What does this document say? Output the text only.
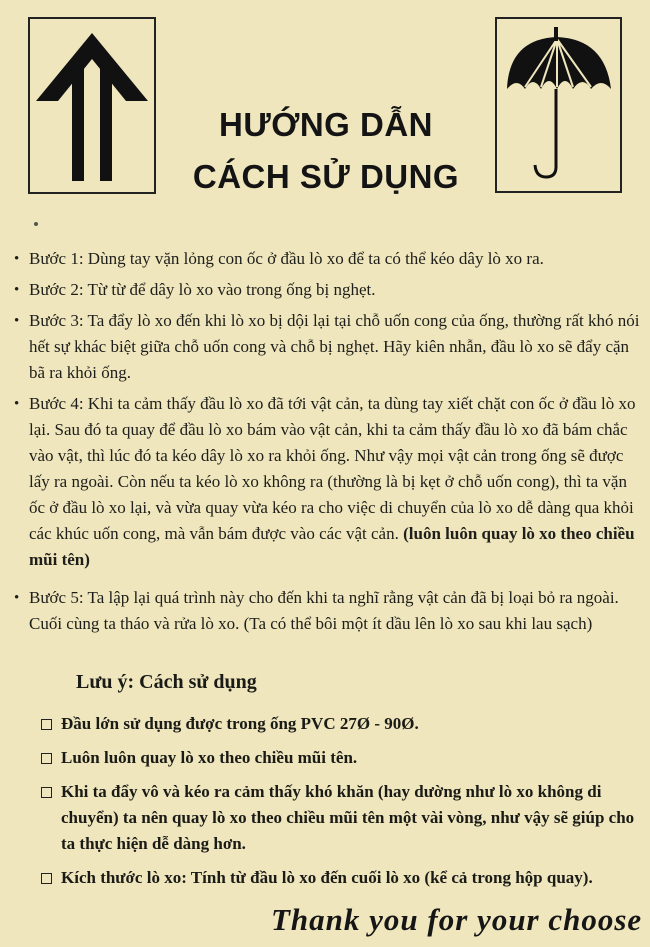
HƯỚNG DẪN
CÁCH SỬ DỤNG
• Bước 1: Dùng tay vặn lỏng con ốc ở đầu lò xo để ta có thể kéo dây lò xo ra.
• Bước 2: Từ từ để dây lò xo vào trong ống bị nghẹt.
• Bước 3: Ta đẩy lò xo đến khi lò xo bị dội lại tại chỗ uốn cong của ống, thường rất khó nói hết sự khác biệt giữa chỗ uốn cong và chỗ bị nghẹt. Hãy kiên nhẫn, đầu lò xo sẽ đẩy cặn bã ra khỏi ống.
• Bước 4: Khi ta cảm thấy đầu lò xo đã tới vật cản, ta dùng tay xiết chặt con ốc ở đầu lò xo lại. Sau đó ta quay để đầu lò xo bám vào vật cản, khi ta cảm thấy đầu lò xo đã bám chắc vào vật, thì lúc đó ta kéo dây lò xo ra khỏi ống. Như vậy mọi vật cản trong ống sẽ được lấy ra ngoài. Còn nếu ta kéo lò xo không ra (thường là bị kẹt ở chỗ uốn cong), thì ta vặn ốc ở đầu lò xo lại, và vừa quay vừa kéo ra cho việc di chuyển của lò xo dễ dàng qua khỏi các khúc uốn cong, mà vẫn bám được vào các vật cản. (luôn luôn quay lò xo theo chiều mũi tên)
• Bước 5: Ta lập lại quá trình này cho đến khi ta nghĩ rằng vật cản đã bị loại bỏ ra ngoài. Cuối cùng ta tháo và rửa lò xo. (Ta có thể bôi một ít dầu lên lò xo sau khi lau sạch)
Lưu ý: Cách sử dụng
Đầu lớn sử dụng được trong ống PVC 27Ø - 90Ø.
Luôn luôn quay lò xo theo chiều mũi tên.
Khi ta đẩy vô và kéo ra cảm thấy khó khăn (hay dường như lò xo không di chuyển) ta nên quay lò xo theo chiều mũi tên một vài vòng, như vậy sẽ giúp cho ta thực hiện dễ dàng hơn.
Kích thước lò xo: Tính từ đầu lò xo đến cuối lò xo (kể cả trong hộp quay).
Thank you for your choose
